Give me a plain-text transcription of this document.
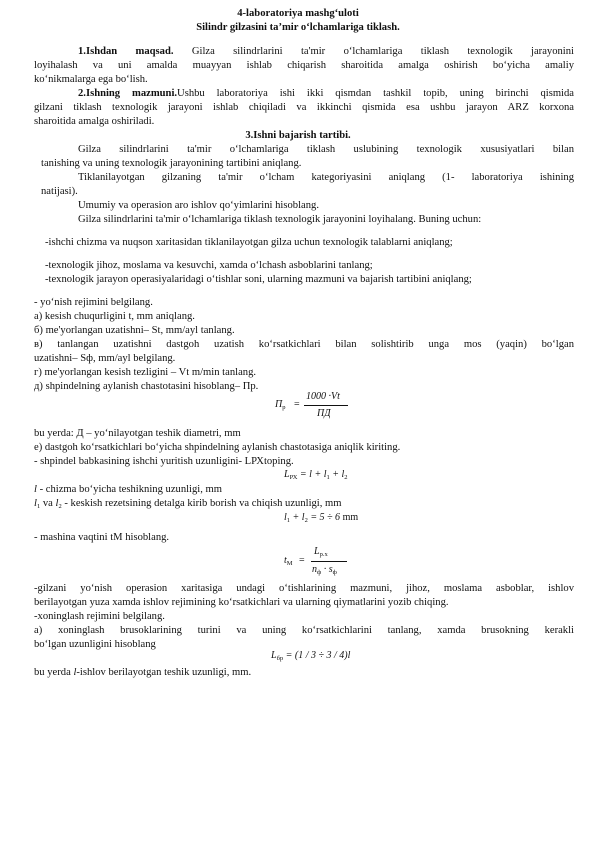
4-laboratoriya mashg‘uloti
Silindr gilzasini ta’mir o‘lchamlariga tiklash.
1.Ishdan maqsad. Gilza silindrlarini ta'mir o‘lchamlariga tiklash texnologik jarayonini
loyihalash va uni amalda muayyan ishlab chiqarish sharoitida amalga oshirish bo‘yicha amaliy
ko‘nikmalarga ega bo‘lish.
2.Ishning mazmuni.Ushbu laboratoriya ishi ikki qismdan tashkil topib, uning birinchi qismida
gilzani tiklash texnologik jarayoni ishlab chiqiladi va ikkinchi qismida esa ushbu jarayon ARZ korxona
sharoitida amalga oshiriladi.
3.Ishni bajarish tartibi.
Gilza silindrlarini ta'mir o‘lchamlariga tiklash uslubining texnologik xususiyatlari bilan
tanishing va uning texnologik jarayonining tartibini aniqlang.
Tiklanilayotgan gilzaning ta'mir o‘lcham kategoriyasini aniqlang (1- laboratoriya ishining
natijasi).
Umumiy va operasion aro ishlov qo‘yimlarini hisoblang.
Gilza silindrlarini ta'mir o‘lchamlariga tiklash texnologik jarayonini loyihalang. Buning uchun:
-ishchi chizma va nuqson xaritasidan tiklanilayotgan gilza uchun texnologik talablarni aniqlang;
-texnologik jihoz, moslama va kesuvchi, xamda o‘lchash asboblarini tanlang;
-texnologik jarayon operasiyalaridagi o‘tishlar soni, ularning mazmuni va bajarish tartibini aniqlang;
- yo‘nish rejimini belgilang.
а) kesish chuqurligini t, mm aniqlang.
б) me'yorlangan uzatishni– St, mm/ayl tanlang.
в) tanlangan uzatishni dastgoh uzatish ko‘rsatkichlari bilan solishtirib unga mos (yaqin) bo‘lgan
uzatishni– Sф, mm/ayl belgilang.
г) me'yorlangan kesish tezligini – Vt m/min tanlang.
д) shpindelning aylanish chastotasini hisoblang– Пр.
$П_р$ =
1000 ·Vt
ПД
bu yerda: Д – yo‘nilayotgan teshik diametri, mm
е) dastgoh ko‘rsatkichlari bo‘yicha shpindelning aylanish chastotasiga aniqlik kiriting.
- shpindel babkasining ishchi yuritish uzunligini- LРХtoping.
$L_{РХ} = l + l_1 + l_2$
l - chizma bo‘yicha teshikning uzunligi, mm
$l_1$ va $l_2$ - keskish rezetsining detalga kirib borish va chiqish uzunligi, mm
$l_1 + l_2 = 5 \div 6$ mm
- mashina vaqtini tМ hisoblang.
$t_М$ =
$L_{р.х}$
$n_ф \cdot s_ф$
-gilzani yo‘nish operasion xaritasiga undagi o‘tishlarining mazmuni, jihoz, moslama asboblar, ishlov
berilayotgan yuza xamda ishlov rejimining ko‘rsatkichlari va ularning qiymatlarini yozib chiqing.
-xoninglash rejimini belgilang.
а) xoninglash brusoklarining turini va uning ko‘rsatkichlarini tanlang, xamda brusokning kerakli
bo‘lgan uzunligini hisoblang
$L_{бр} = (1 / 3 \div 3 / 4)l$
bu yerda l-ishlov berilayotgan teshik uzunligi, mm.
